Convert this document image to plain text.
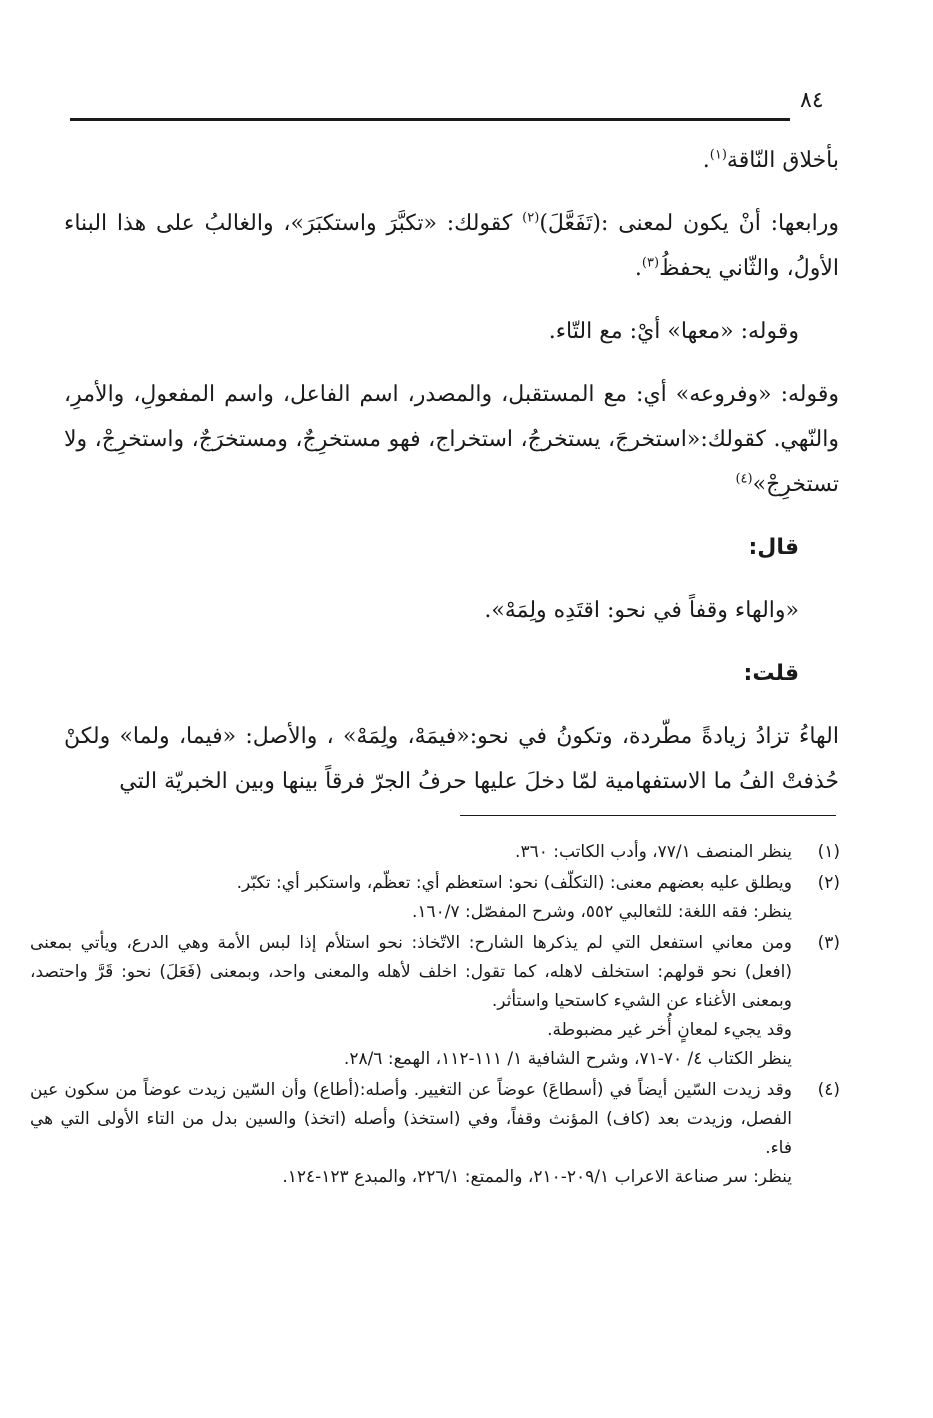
٨٤

بأخلاق النّاقة$^{(١)}$.

ورابعها: أنْ يكون لمعنى :(تَفَعَّلَ)$^{(٢)}$ كقولك: «تكبَّرَ واستكبَرَ»، والغالبُ على هذا البناء الأولُ، والثّاني يحفظُ$^{(٣)}$.

وقوله: «معها» أيْ: مع التّاء.

وقوله: «وفروعه» أي: مع المستقبل، والمصدر، اسم الفاعل، واسم المفعولِ، والأمرِ، والنّهي. كقولك:«استخرجَ، يستخرجُ، استخراج، فهو مستخرِجٌ، ومستخرَجٌ، واستخرِجْ، ولا تستخرِجْ»$^{(٤)}$

قال:

«والهاء وقفاً في نحو: اقتَدِه ولِمَهْ».

قلت:

الهاءُ تزادُ زيادةً مطّردة، وتكونُ في نحو:«فيمَهْ، ولِمَهْ» ، والأصل: «فيما، ولما» ولكنْ حُذفتْ الفُ ما الاستفهامية لمّا دخلَ عليها حرفُ الجرّ فرقاً بينها وبين الخبريّة التي

(١)
ينظر المنصف ٧٧/١، وأدب الكاتب: ٣٦٠.
(٢)
ويطلق عليه بعضهم معنى: (التكلّف) نحو: استعظم أي: تعظّم، واستكبر أي: تكبّر.
ينظر: فقه اللغة: للثعالبي ٥٥٢، وشرح المفصّل: ١٦٠/٧.
(٣)
ومن معاني استفعل التي لم يذكرها الشارح: الاتّخاذ: نحو استلأم إذا لبس الأمة وهي الدرع، ويأتي بمعنى (افعل) نحو قولهم: استخلف لاهله، كما تقول: اخلف لأهله والمعنى واحد، وبمعنى (فَعَلَ) نحو: قَرَّ واحتصد، وبمعنى الأغناء عن الشيء كاستحيا واستأثر.
وقد يجيء لمعانٍ أُخر غير مضبوطة.
ينظر الكتاب ٤/ ٧٠-٧١، وشرح الشافية ١/ ١١١-١١٢، الهمع: ٢٨/٦.
(٤)
وقد زيدت السّين أيضاً في (أسطاعَ) عوضاً عن التغيير. وأصله:(أطاع) وأن السّين زيدت عوضاً من سكون عين الفصل، وزيدت بعد (كاف) المؤنث وقفاً، وفي (استخذ) وأصله (اتخذ) والسين بدل من التاء الأولى التي هي فاء.
ينظر: سر صناعة الاعراب ٢٠٩/١-٢١٠، والممتع: ٢٢٦/١، والمبدع ١٢٣-١٢٤.
